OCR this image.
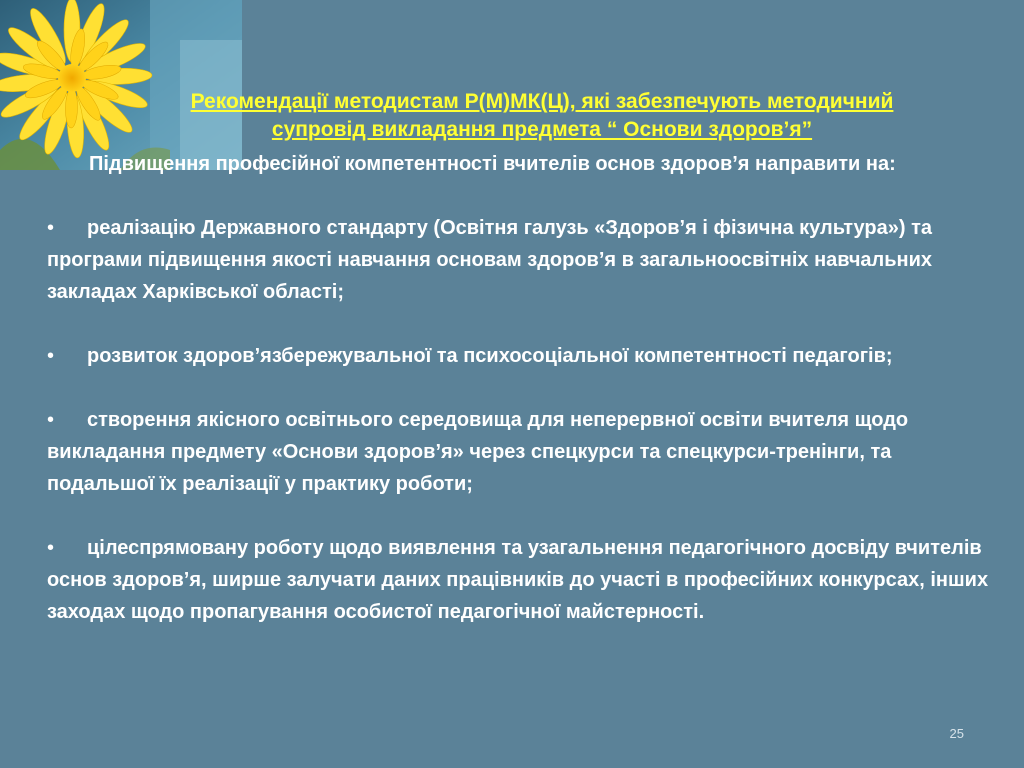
Рекомендації методистам Р(М)МК(Ц), які забезпечують методичний
супровід викладання предмета “ Основи здоров’я”

Підвищення професійної компетентності вчителів основ здоров’я направити на:

• реалізацію Державного стандарту (Освітня галузь «Здоров’я і фізична культура») та програми підвищення якості навчання основам здоров’я в загальноосвітніх навчальних закладах Харківської області;

• розвиток здоров’язбережувальної та психосоціальної компетентності педагогів;

• створення якісного освітнього середовища для неперервної освіти вчителя щодо викладання предмету «Основи здоров’я» через спецкурси та спецкурси-тренінги, та подальшої їх реалізації у практику роботи;

• цілеспрямовану роботу щодо виявлення та узагальнення педагогічного досвіду вчителів основ здоров’я, ширше залучати даних працівників до участі в професійних конкурсах, інших заходах щодо пропагування особистої педагогічної майстерності.

25
